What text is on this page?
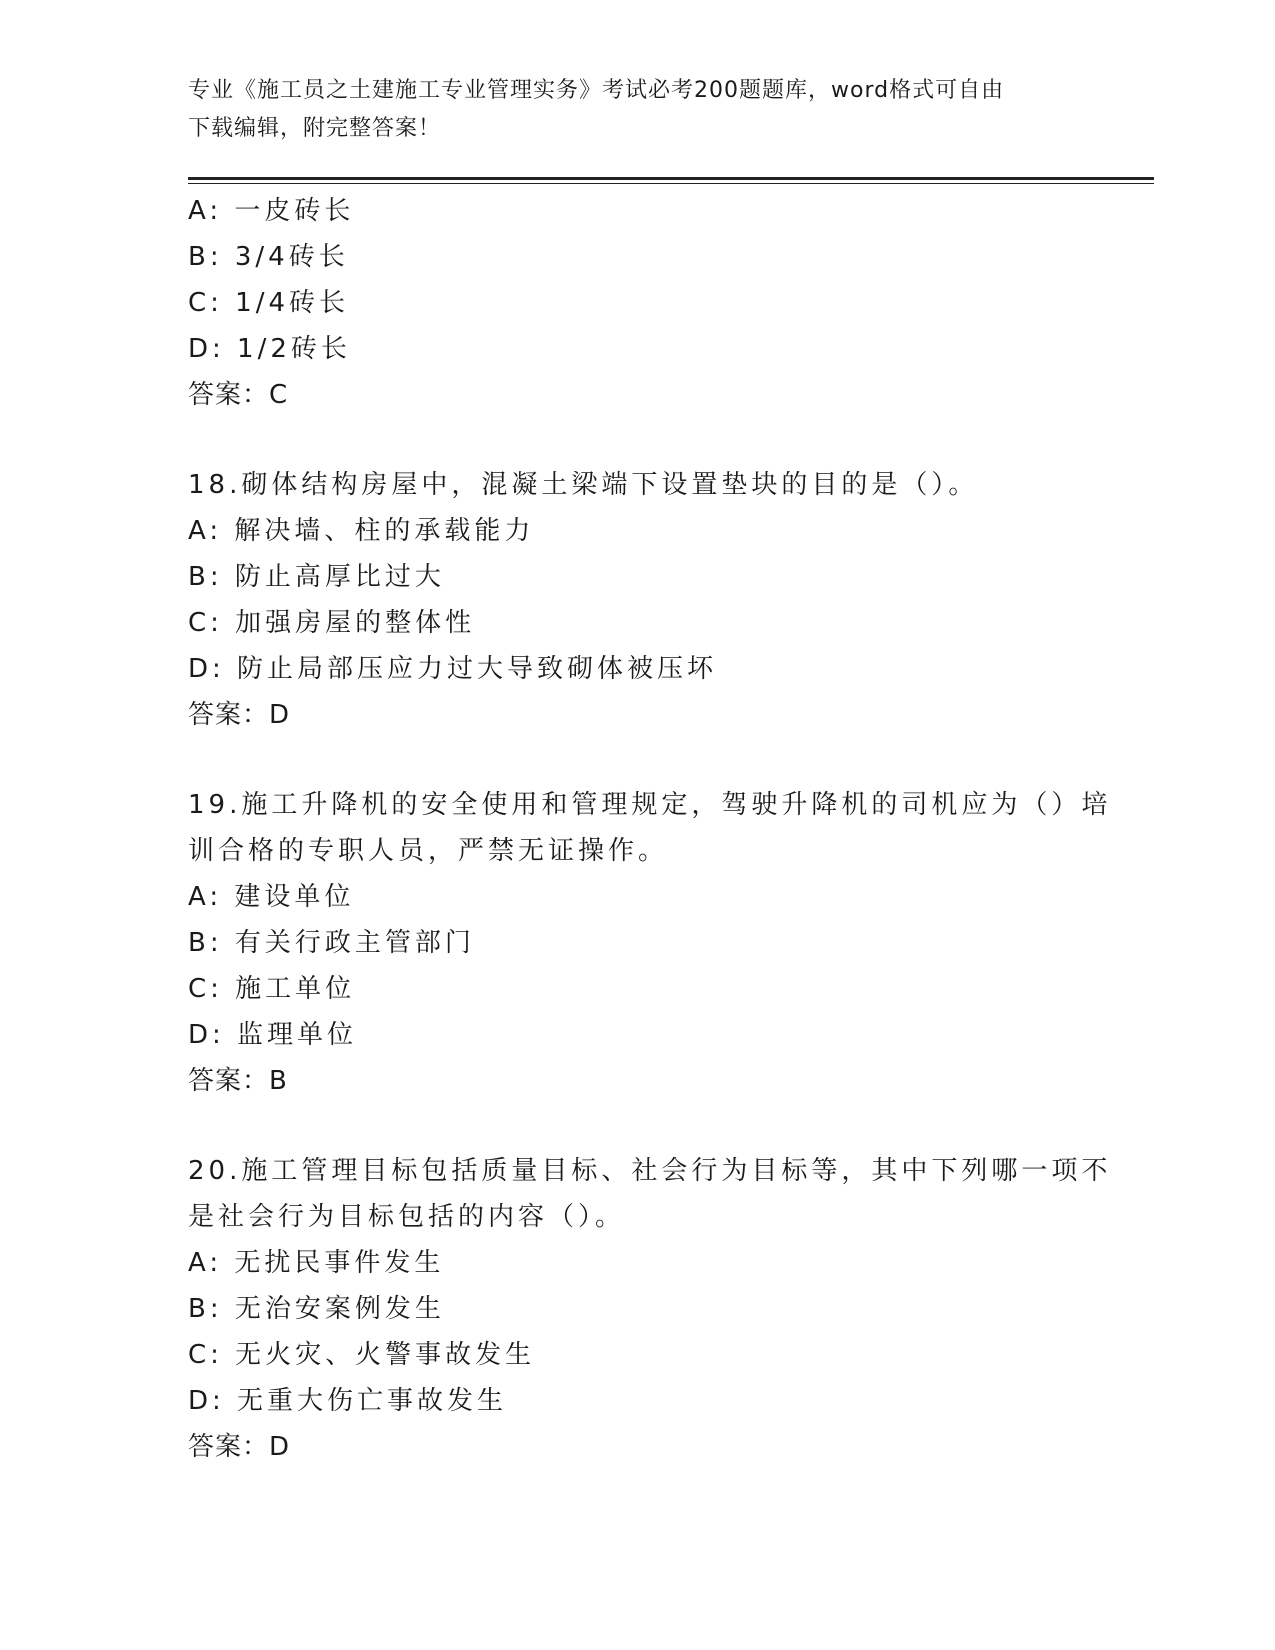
专业《施工员之土建施工专业管理实务》考试必考200题题库，word格式可自由
下载编辑，附完整答案！
A: 一皮砖长
B: 3/4砖长
C: 1/4砖长
D: 1/2砖长
答案：C
18.砌体结构房屋中，混凝土梁端下设置垫块的目的是（）。
A: 解决墙、柱的承载能力
B: 防止高厚比过大
C: 加强房屋的整体性
D: 防止局部压应力过大导致砌体被压坏
答案：D
19.施工升降机的安全使用和管理规定，驾驶升降机的司机应为（）培
训合格的专职人员，严禁无证操作。
A: 建设单位
B: 有关行政主管部门
C: 施工单位
D: 监理单位
答案：B
20.施工管理目标包括质量目标、社会行为目标等，其中下列哪一项不
是社会行为目标包括的内容（）。
A: 无扰民事件发生
B: 无治安案例发生
C: 无火灾、火警事故发生
D: 无重大伤亡事故发生
答案：D
